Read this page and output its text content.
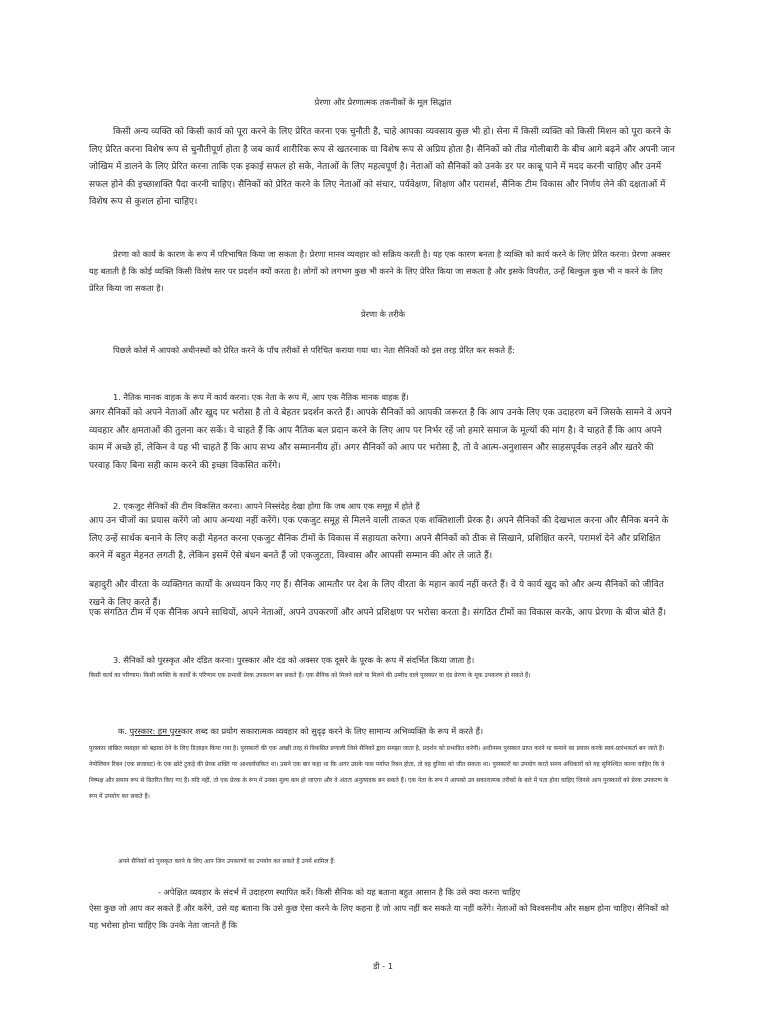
प्रेरणा और प्रेरणात्मक तकनीकों के मूल सिद्धांत

किसी अन्य व्यक्ति को किसी कार्य को पूरा करने के लिए प्रेरित करना एक चुनौती है, चाहे आपका व्यवसाय कुछ भी हो। सेना में किसी व्यक्ति को किसी मिशन को पूरा करने के लिए प्रेरित करना विशेष रूप से चुनौतीपूर्ण होता है जब कार्य शारीरिक रूप से खतरनाक या विशेष रूप से अप्रिय होता है। सैनिकों को तीव्र गोलीबारी के बीच आगे बढ़ने और अपनी जान जोखिम में डालने के लिए प्रेरित करना ताकि एक इकाई सफल हो सके, नेताओं के लिए महत्वपूर्ण है। नेताओं को सैनिकों को उनके डर पर काबू पाने में मदद करनी चाहिए और उनमें सफल होने की इच्छाशक्ति पैदा करनी चाहिए। सैनिकों को प्रेरित करने के लिए नेताओं को संचार, पर्यवेक्षण, शिक्षण और परामर्श, सैनिक टीम विकास और निर्णय लेने की दक्षताओं में विशेष रूप से कुशल होना चाहिए।

प्रेरणा को कार्य के कारण के रूप में परिभाषित किया जा सकता है। प्रेरणा मानव व्यवहार को सक्रिय करती है। यह एक कारण बनता है व्यक्ति को कार्य करने के लिए प्रेरित करना। प्रेरणा अक्सर यह बताती है कि कोई व्यक्ति किसी विशेष स्तर पर प्रदर्शन क्यों करता है। लोगों को लगभग कुछ भी करने के लिए प्रेरित किया जा सकता है और इसके विपरीत, उन्हें बिल्कुल कुछ भी न करने के लिए प्रेरित किया जा सकता है।

प्रेरणा के तरीके

पिछले कोर्स में आपको अधीनस्थों को प्रेरित करने के पाँच तरीकों से परिचित कराया गया था। नेता सैनिकों को इस तरह प्रेरित कर सकते हैं:

1. नैतिक मानक वाहक के रूप में कार्य करना। एक नेता के रूप में, आप एक नैतिक मानक वाहक हैं।

अगर सैनिकों को अपने नेताओं और खुद पर भरोसा है तो वे बेहतर प्रदर्शन करते हैं। आपके सैनिकों को आपकी जरूरत है कि आप उनके लिए एक उदाहरण बनें जिसके सामने वे अपने व्यवहार और क्षमताओं की तुलना कर सकें। वे चाहते हैं कि आप नैतिक बल प्रदान करने के लिए आप पर निर्भर रहें जो हमारे समाज के मूल्यों की मांग है। वे चाहते हैं कि आप अपने काम में अच्छे हों, लेकिन वे यह भी चाहते हैं कि आप सभ्य और सम्माननीय हों। अगर सैनिकों को आप पर भरोसा है, तो वे आत्म-अनुशासन और साहसपूर्वक लड़ने और खतरे की परवाह किए बिना सही काम करने की इच्छा विकसित करेंगे।

2. एकजुट सैनिकों की टीम विकसित करना। आपने निस्संदेह देखा होगा कि जब आप एक समूह में होते हैं

आप उन चीजों का प्रयास करेंगे जो आप अन्यथा नहीं करेंगे। एक एकजुट समूह से मिलने वाली ताकत एक शक्तिशाली प्रेरक है। अपने सैनिकों की देखभाल करना और सैनिक बनने के लिए उन्हें सार्थक बनाने के लिए कड़ी मेहनत करना एकजुट सैनिक टीमों के विकास में सहायता करेगा। अपने सैनिकों को ठीक से सिखाने, प्रशिक्षित करने, परामर्श देने और प्रशिक्षित करने में बहुत मेहनत लगती है, लेकिन इसमें ऐसे बंधन बनते हैं जो एकजुटता, विश्वास और आपसी सम्मान की ओर ले जाते हैं।

बहादुरी और वीरता के व्यक्तिगत कार्यों के अध्ययन किए गए हैं। सैनिक आमतौर पर देश के लिए वीरता के महान कार्य नहीं करते हैं। वे ये कार्य खुद को और अन्य सैनिकों को जीवित रखने के लिए करते हैं।

एक संगठित टीम में एक सैनिक अपने साथियों, अपने नेताओं, अपने उपकरणों और अपने प्रशिक्षण पर भरोसा करता है। संगठित टीमों का विकास करके, आप प्रेरणा के बीज बोते हैं।

3. सैनिकों को पुरस्कृत और दंडित करना। पुरस्कार और दंड को अक्सर एक दूसरे के पूरक के रूप में संदर्भित किया जाता है।

किसी कार्य का परिणाम। किसी व्यक्ति के कार्यों के परिणाम एक प्रभावी प्रेरक उपकरण बन सकते हैं। एक सैनिक को मिलने वाले या मिलने की उम्मीद वाले पुरस्कार या दंड प्रेरणा के मूक उपकरण हो सकते हैं।

क. पुरस्कार: हम पुरस्कार शब्द का प्रयोग सकारात्मक व्यवहार को सुदृढ़ करने के लिए सामान्य अभिव्यक्ति के रूप में करते हैं।

पुरस्कार वांछित व्यवहार को बढ़ावा देने के लिए डिज़ाइन किया गया है। पुरस्कारों की एक अच्छी तरह से विकसित प्रणाली जिसे सैनिकों द्वारा समझा जाता है, प्रदर्शन को प्रभावित करेगी। अधीनस्थ पुरस्कार प्राप्त करने या कमाने का प्रयास करके स्वयं-प्रारंभकर्ता बन जाते हैं। नेपोलियन रिबन (एक सजावट) के एक छोटे टुकड़े की प्रेरक शक्ति पर आश्चर्यचकित था। उसने एक बार कहा था कि अगर उसके पास पर्याप्त रिबन होता, तो वह दुनिया को जीत सकता था। पुरस्कारों का उपयोग करते समय अधिकारों को यह सुनिश्चित करना चाहिए कि वे निष्पक्ष और समान रूप से वितरित किए गए हैं। यदि नहीं, तो एक प्रेरक के रूप में उनका मूल्य कम हो जाएगा और वे अंततः अनुत्पादक बन सकते हैं। एक नेता के रूप में आपको उन सकारात्मक तरीकों के बारे में पता होना चाहिए जिनसे आप पुरस्कारों को प्रेरक उपकरण के रूप में उपयोग कर सकते हैं।

अपने सैनिकों को पुरस्कृत करने के लिए आप जिन उपकरणों का उपयोग कर सकते हैं उनमें शामिल हैं:

- अपेक्षित व्यवहार के संदर्भ में उदाहरण स्थापित करें। किसी सैनिक को यह बताना बहुत आसान है कि उसे क्या करना चाहिए

ऐसा कुछ जो आप कर सकते हैं और करेंगे, उसे यह बताना कि उसे कुछ ऐसा करने के लिए कहना है जो आप नहीं कर सकते या नहीं करेंगे। नेताओं को विश्वसनीय और सक्षम होना चाहिए। सैनिकों को यह भरोसा होना चाहिए कि उनके नेता जानते हैं कि

डी - 1
